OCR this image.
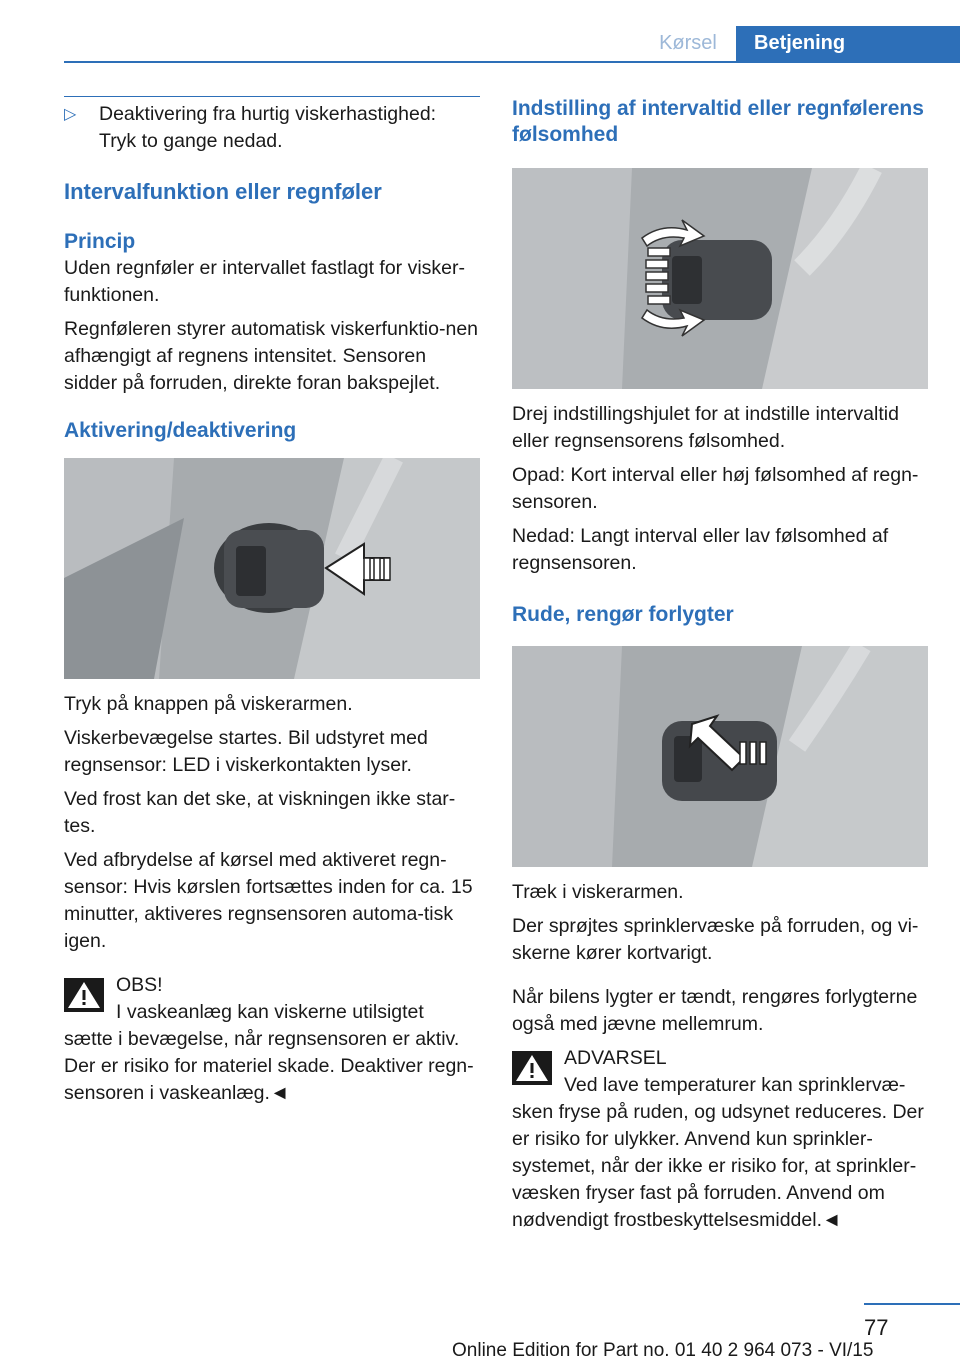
Kørsel	Betjening
▷	Deaktivering fra hurtig viskerhastighed:
Tryk to gange nedad.
Intervalfunktion eller regnføler
Princip

Uden regnføler er intervallet fastlagt for visker-funktionen.

Regnføleren styrer automatisk viskerfunktio-nen afhængigt af regnens intensitet. Sensoren sidder på forruden, direkte foran bakspejlet.

Aktivering/deaktivering

Tryk på knappen på viskerarmen.

Viskerbevægelse startes. Bil udstyret med regnsensor: LED i viskerkontakten lyser.

Ved frost kan det ske, at viskningen ikke star-tes.

Ved afbrydelse af kørsel med aktiveret regn-sensor: Hvis kørslen fortsættes inden for ca. 15 minutter, aktiveres regnsensoren automa-tisk igen.

OBS!
I vaskeanlæg kan viskerne utilsigtet
sætte i bevægelse, når regnsensoren er aktiv. Der er risiko for materiel skade. Deaktiver regn-sensoren i vaskeanlæg.◄
Indstilling af intervaltid eller regnfølerens følsomhed

Drej indstillingshjulet for at indstille intervaltid eller regnsensorens følsomhed.

Opad: Kort interval eller høj følsomhed af regn-sensoren.

Nedad: Langt interval eller lav følsomhed af regnsensoren.

Rude, rengør forlygter

Træk i viskerarmen.

Der sprøjtes sprinklervæske på forruden, og vi-skerne kører kortvarigt.

Når bilens lygter er tændt, rengøres forlygterne også med jævne mellemrum.

ADVARSEL
Ved lave temperaturer kan sprinklervæ-
sken fryse på ruden, og udsynet reduceres. Der er risiko for ulykker. Anvend kun sprinkler-systemet, når der ikke er risiko for, at sprinkler-væsken fryser fast på forruden. Anvend om nødvendigt frostbeskyttelsesmiddel.◄
77
Online Edition for Part no. 01 40 2 964 073 - VI/15
